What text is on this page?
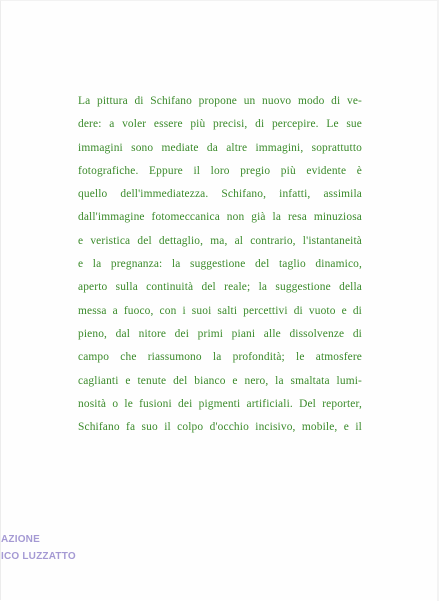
La pittura di Schifano propone un nuovo modo di ve-
dere: a voler essere più precisi, di percepire. Le sue
immagini sono mediate da altre immagini, soprattutto
fotografiche. Eppure il loro pregio più evidente è
quello dell'immediatezza. Schifano, infatti, assimila
dall'immagine fotomeccanica non già la resa minuziosa
e veristica del dettaglio, ma, al contrario, l'istantaneità
e la pregnanza: la suggestione del taglio dinamico,
aperto sulla continuità del reale; la suggestione della
messa a fuoco, con i suoi salti percettivi di vuoto e di
pieno, dal nitore dei primi piani alle dissolvenze di
campo che riassumono la profondità; le atmosfere
caglianti e tenute del bianco e nero, la smaltata lumi-
nosità o le fusioni dei pigmenti artificiali. Del reporter,
Schifano fa suo il colpo d'occhio incisivo, mobile, e il
AZIONE
ICO LUZZATTO
